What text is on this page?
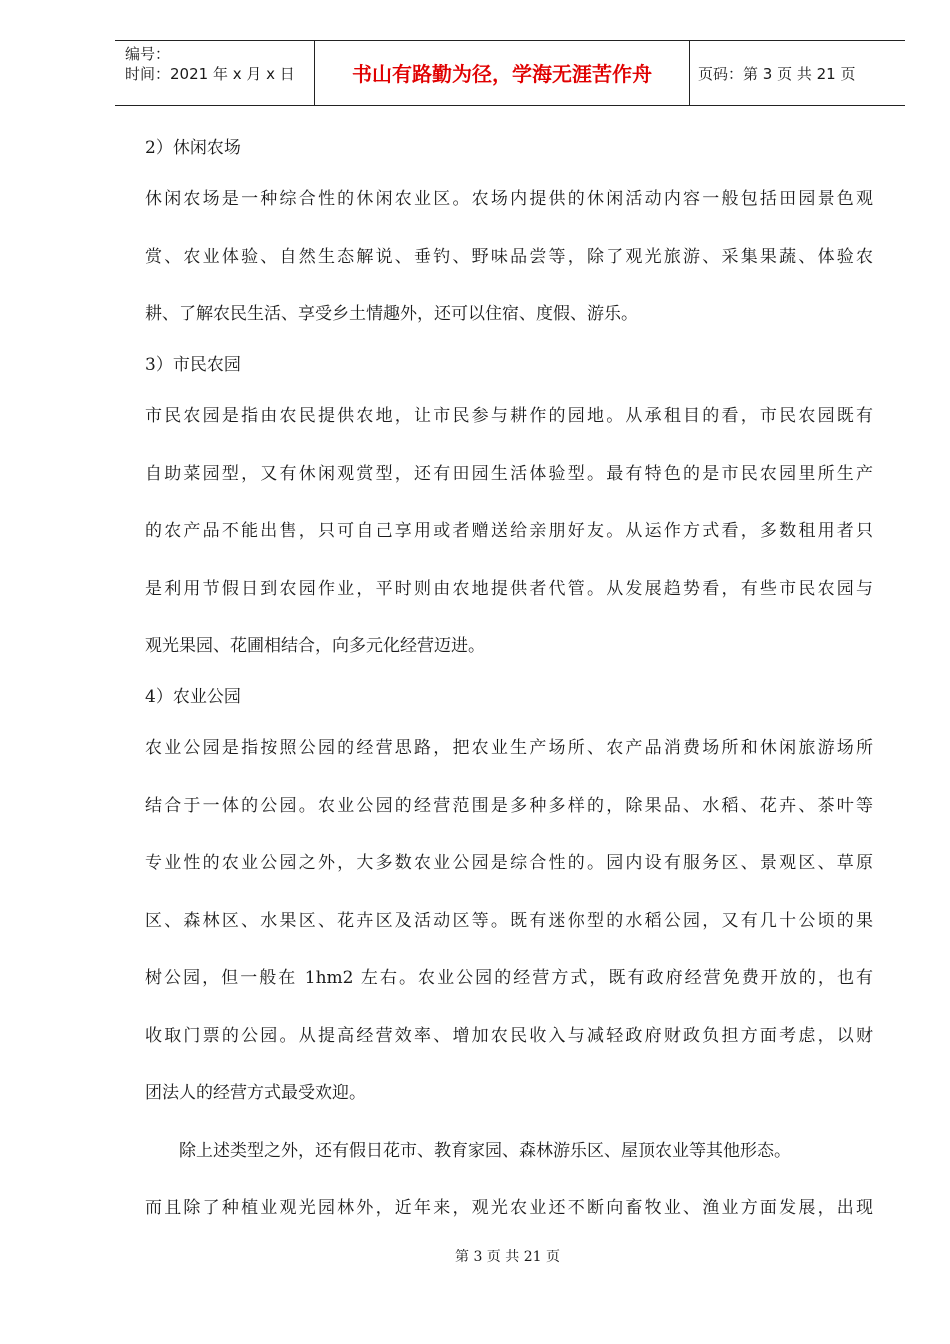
编号：
时间：2021 年 x 月 x 日	书山有路勤为径，学海无涯苦作舟	页码：第 3 页 共 21 页
2）休闲农场
休闲农场是一种综合性的休闲农业区。农场内提供的休闲活动内容一般包括田园景色观
赏、农业体验、自然生态解说、垂钓、野味品尝等，除了观光旅游、采集果蔬、体验农
耕、了解农民生活、享受乡土情趣外，还可以住宿、度假、游乐。
3）市民农园
市民农园是指由农民提供农地，让市民参与耕作的园地。从承租目的看，市民农园既有
自助菜园型，又有休闲观赏型，还有田园生活体验型。最有特色的是市民农园里所生产
的农产品不能出售，只可自己享用或者赠送给亲朋好友。从运作方式看，多数租用者只
是利用节假日到农园作业，平时则由农地提供者代管。从发展趋势看，有些市民农园与
观光果园、花圃相结合，向多元化经营迈进。
4）农业公园
农业公园是指按照公园的经营思路，把农业生产场所、农产品消费场所和休闲旅游场所
结合于一体的公园。农业公园的经营范围是多种多样的，除果品、水稻、花卉、茶叶等
专业性的农业公园之外，大多数农业公园是综合性的。园内设有服务区、景观区、草原
区、森林区、水果区、花卉区及活动区等。既有迷你型的水稻公园，又有几十公顷的果
树公园，但一般在 1hm2 左右。农业公园的经营方式，既有政府经营免费开放的，也有
收取门票的公园。从提高经营效率、增加农民收入与减轻政府财政负担方面考虑，以财
团法人的经营方式最受欢迎。
除上述类型之外，还有假日花市、教育家园、森林游乐区、屋顶农业等其他形态。
而且除了种植业观光园林外，近年来，观光农业还不断向畜牧业、渔业方面发展，出现
第 3 页 共 21 页
